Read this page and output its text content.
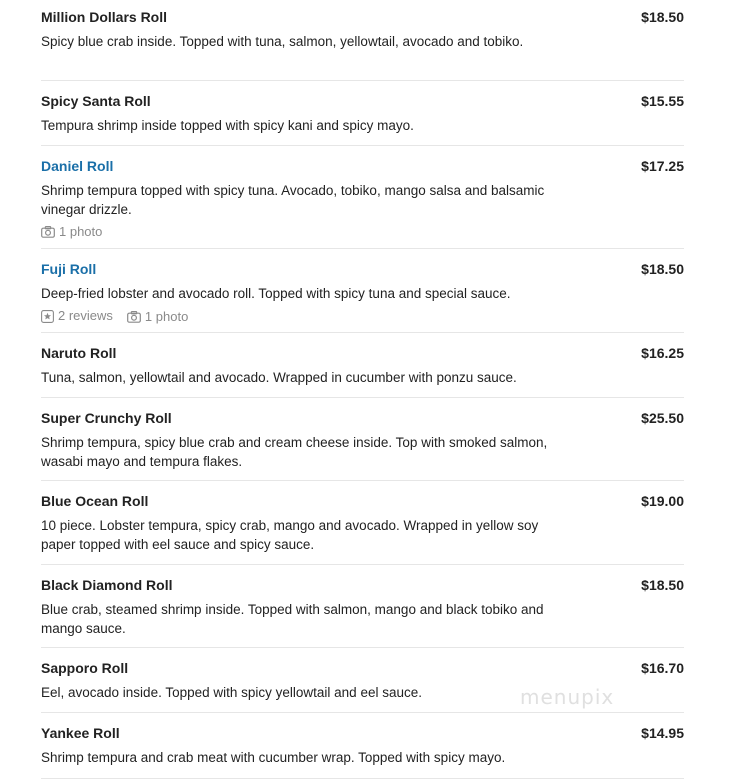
Million Dollars Roll	$18.50
Spicy blue crab inside. Topped with tuna, salmon, yellowtail, avocado and tobiko.
Spicy Santa Roll	$15.55
Tempura shrimp inside topped with spicy kani and spicy mayo.
Daniel Roll	$17.25
Shrimp tempura topped with spicy tuna. Avocado, tobiko, mango salsa and balsamic vinegar drizzle.
1 photo
Fuji Roll	$18.50
Deep-fried lobster and avocado roll. Topped with spicy tuna and special sauce.
2 reviews 1 photo
Naruto Roll	$16.25
Tuna, salmon, yellowtail and avocado. Wrapped in cucumber with ponzu sauce.
Super Crunchy Roll	$25.50
Shrimp tempura, spicy blue crab and cream cheese inside. Top with smoked salmon, wasabi mayo and tempura flakes.
Blue Ocean Roll	$19.00
10 piece. Lobster tempura, spicy crab, mango and avocado. Wrapped in yellow soy paper topped with eel sauce and spicy sauce.
Black Diamond Roll	$18.50
Blue crab, steamed shrimp inside. Topped with salmon, mango and black tobiko and mango sauce.
Sapporo Roll	$16.70
Eel, avocado inside. Topped with spicy yellowtail and eel sauce.
Yankee Roll	$14.95
Shrimp tempura and crab meat with cucumber wrap. Topped with spicy mayo.
menupix
